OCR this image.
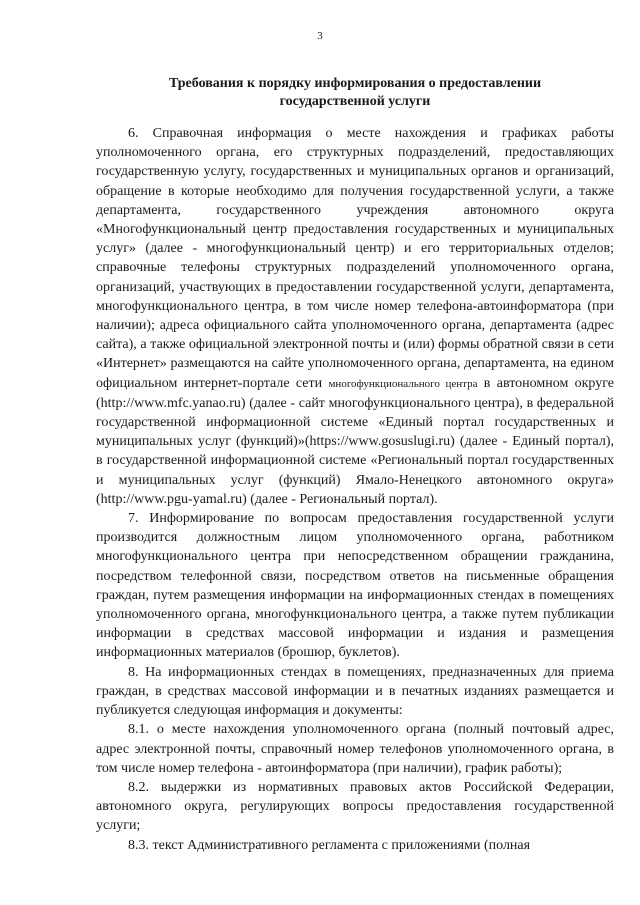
3
Требования к порядку информирования о предоставлении
государственной услуги

6. Справочная информация о месте нахождения и графиках работы уполномоченного органа, его структурных подразделений, предоставляющих государственную услугу, государственных и муниципальных органов и организаций, обращение в которые необходимо для получения государственной услуги, а также департамента, государственного учреждения автономного округа «Многофункциональный центр предоставления государственных и муниципальных услуг» (далее - многофункциональный центр) и его территориальных отделов; справочные телефоны структурных подразделений уполномоченного органа, организаций, участвующих в предоставлении государственной услуги, департамента, многофункционального центра, в том числе номер телефона-автоинформатора (при наличии); адреса официального сайта уполномоченного органа, департамента (адрес сайта), а также официальной электронной почты и (или) формы обратной связи в сети «Интернет» размещаются на сайте уполномоченного органа, департамента, на едином официальном интернет-портале сети многофункционального центра в автономном округе (http://www.mfc.yanao.ru) (далее - сайт многофункционального центра), в федеральной государственной информационной системе «Единый портал государственных и муниципальных услуг (функций)»(https://www.gosuslugi.ru) (далее - Единый портал), в государственной информационной системе «Региональный портал государственных и муниципальных услуг (функций) Ямало-Ненецкого автономного округа» (http://www.pgu-yamal.ru) (далее - Региональный портал).

7. Информирование по вопросам предоставления государственной услуги производится должностным лицом уполномоченного органа, работником многофункционального центра при непосредственном обращении гражданина, посредством телефонной связи, посредством ответов на письменные обращения граждан, путем размещения информации на информационных стендах в помещениях уполномоченного органа, многофункционального центра, а также путем публикации информации в средствах массовой информации и издания и размещения информационных материалов (брошюр, буклетов).

8. На информационных стендах в помещениях, предназначенных для приема граждан, в средствах массовой информации и в печатных изданиях размещается и публикуется следующая информация и документы:

8.1. о месте нахождения уполномоченного органа (полный почтовый адрес, адрес электронной почты, справочный номер телефонов уполномоченного органа, в том числе номер телефона - автоинформатора (при наличии), график работы);

8.2. выдержки из нормативных правовых актов Российской Федерации, автономного округа, регулирующих вопросы предоставления государственной услуги;

8.3. текст Административного регламента с приложениями (полная
